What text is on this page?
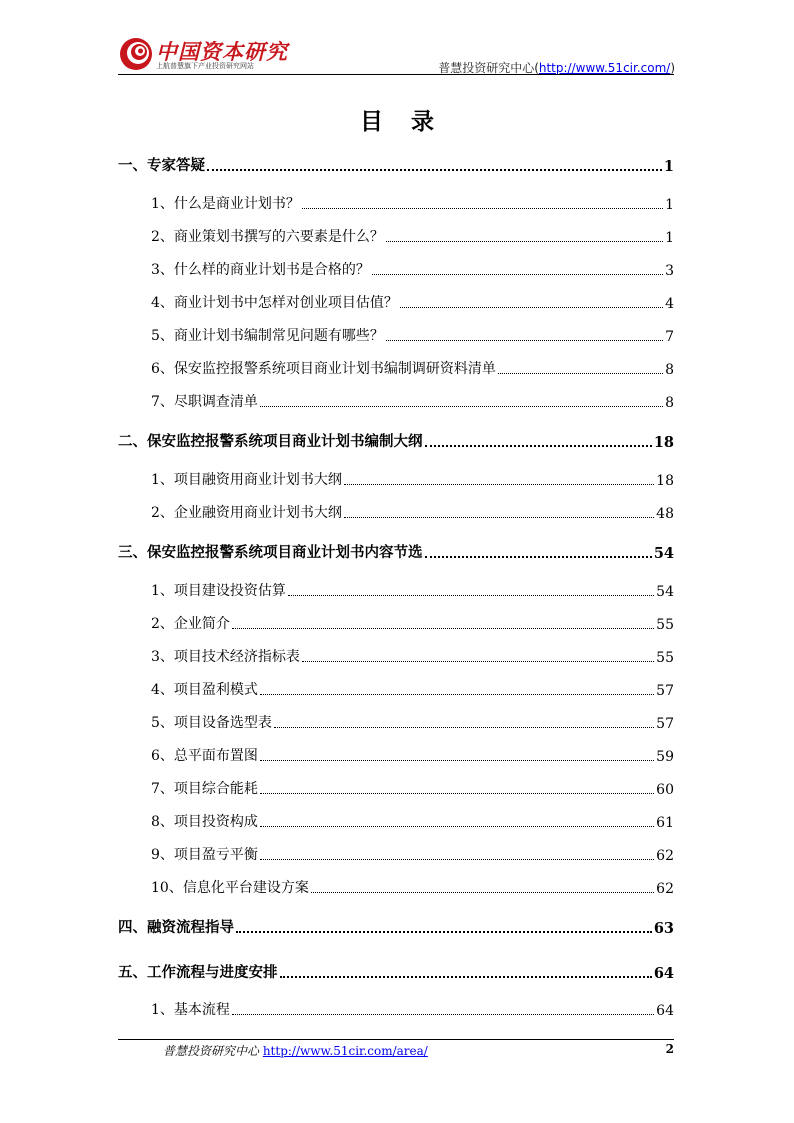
中国资本研究
上航普慧旗下产业投资研究网站	普慧投资研究中心(http://www.51cir.com/)
目录
一、专家答疑	1
1、什么是商业计划书？	1
2、商业策划书撰写的六要素是什么？	1
3、什么样的商业计划书是合格的？	3
4、商业计划书中怎样对创业项目估值？	4
5、商业计划书编制常见问题有哪些？	7
6、保安监控报警系统项目商业计划书编制调研资料清单	8
7、尽职调查清单	8
二、保安监控报警系统项目商业计划书编制大纲	18
1、项目融资用商业计划书大纲	18
2、企业融资用商业计划书大纲	48
三、保安监控报警系统项目商业计划书内容节选	54
1、项目建设投资估算	54
2、企业简介	55
3、项目技术经济指标表	55
4、项目盈利模式	57
5、项目设备选型表	57
6、总平面布置图	59
7、项目综合能耗	60
8、项目投资构成	61
9、项目盈亏平衡	62
10、信息化平台建设方案	62
四、融资流程指导	63
五、工作流程与进度安排	64
1、基本流程	64
普慧投资研究中心 http://www.51cir.com/area/	2
